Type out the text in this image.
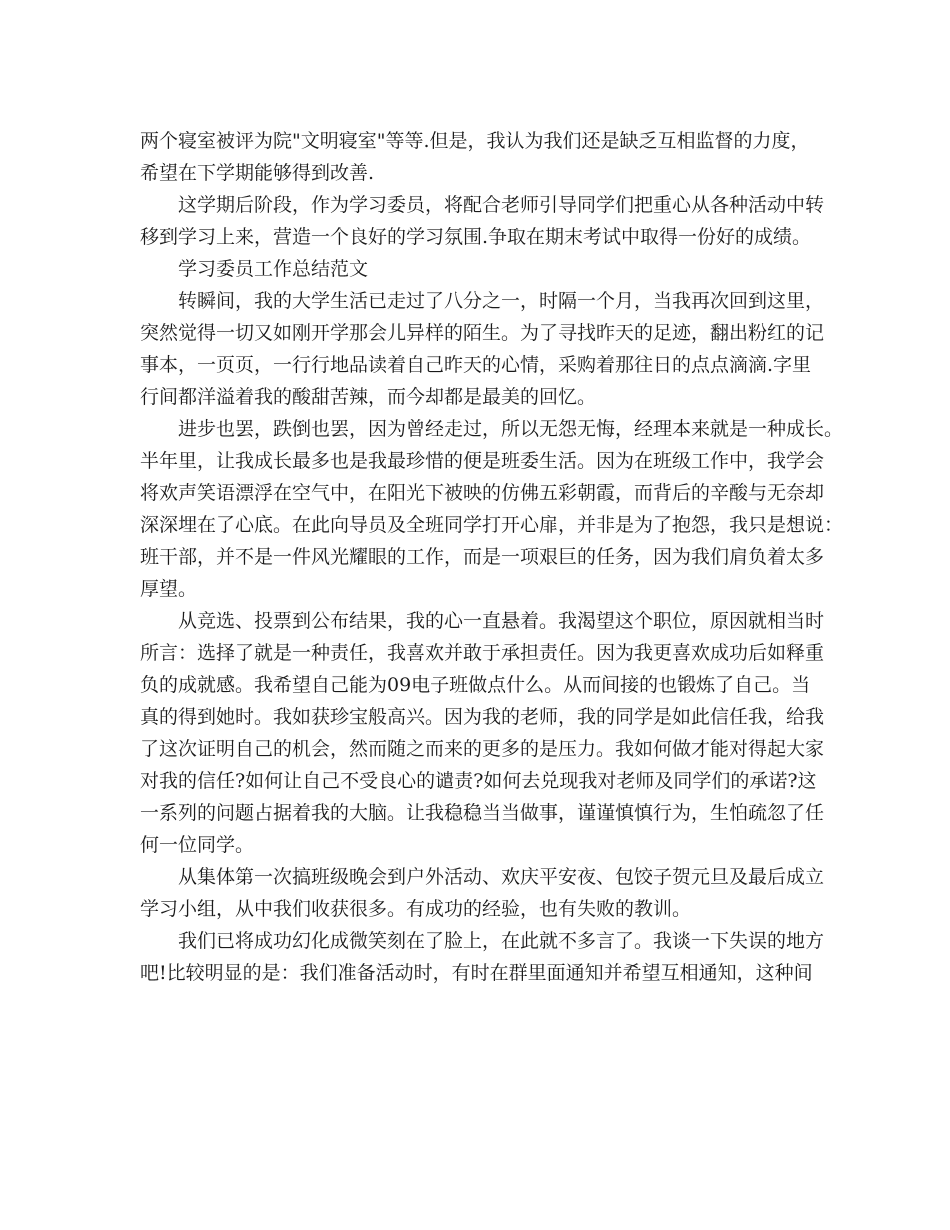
两个寝室被评为院"文明寝室"等等.但是，我认为我们还是缺乏互相监督的力度，
希望在下学期能够得到改善.
这学期后阶段，作为学习委员，将配合老师引导同学们把重心从各种活动中转
移到学习上来，营造一个良好的学习氛围.争取在期末考试中取得一份好的成绩。
学习委员工作总结范文
转瞬间，我的大学生活已走过了八分之一，时隔一个月，当我再次回到这里，
突然觉得一切又如刚开学那会儿异样的陌生。为了寻找昨天的足迹，翻出粉红的记
事本，一页页，一行行地品读着自己昨天的心情，采购着那往日的点点滴滴.字里
行间都洋溢着我的酸甜苦辣，而今却都是最美的回忆。
进步也罢，跌倒也罢，因为曾经走过，所以无怨无悔，经理本来就是一种成长。
半年里，让我成长最多也是我最珍惜的便是班委生活。因为在班级工作中，我学会
将欢声笑语漂浮在空气中，在阳光下被映的仿佛五彩朝霞，而背后的辛酸与无奈却
深深埋在了心底。在此向导员及全班同学打开心扉，并非是为了抱怨，我只是想说：
班干部，并不是一件风光耀眼的工作，而是一项艰巨的任务，因为我们肩负着太多
厚望。
从竞选、投票到公布结果，我的心一直悬着。我渴望这个职位，原因就相当时
所言：选择了就是一种责任，我喜欢并敢于承担责任。因为我更喜欢成功后如释重
负的成就感。我希望自己能为09电子班做点什么。从而间接的也锻炼了自己。当
真的得到她时。我如获珍宝般高兴。因为我的老师，我的同学是如此信任我，给我
了这次证明自己的机会，然而随之而来的更多的是压力。我如何做才能对得起大家
对我的信任?如何让自己不受良心的谴责?如何去兑现我对老师及同学们的承诺?这
一系列的问题占据着我的大脑。让我稳稳当当做事，谨谨慎慎行为，生怕疏忽了任
何一位同学。
从集体第一次搞班级晚会到户外活动、欢庆平安夜、包饺子贺元旦及最后成立
学习小组，从中我们收获很多。有成功的经验，也有失败的教训。
我们已将成功幻化成微笑刻在了脸上，在此就不多言了。我谈一下失误的地方
吧!比较明显的是：我们准备活动时，有时在群里面通知并希望互相通知，这种间
